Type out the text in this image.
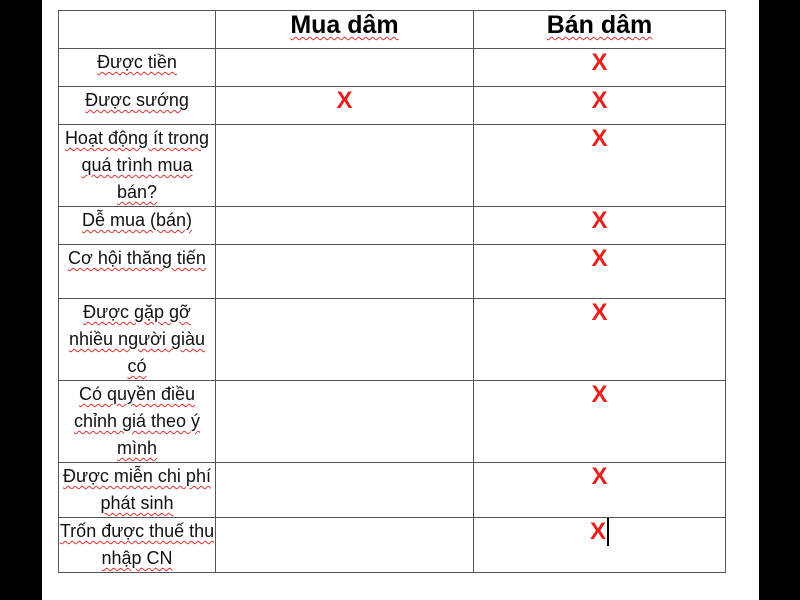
	Mua dâm	Bán dâm
Được tiền		X
Được sướng	X	X
Hoạt động ít trong quá trình mua bán?		X
Dễ mua (bán)		X
Cơ hội thăng tiến		X
Được gặp gỡ nhiều người giàu có		X
Có quyền điều chỉnh giá theo ý mình		X
Được miễn chi phí phát sinh		X
Trốn được thuế thu nhập CN		X
